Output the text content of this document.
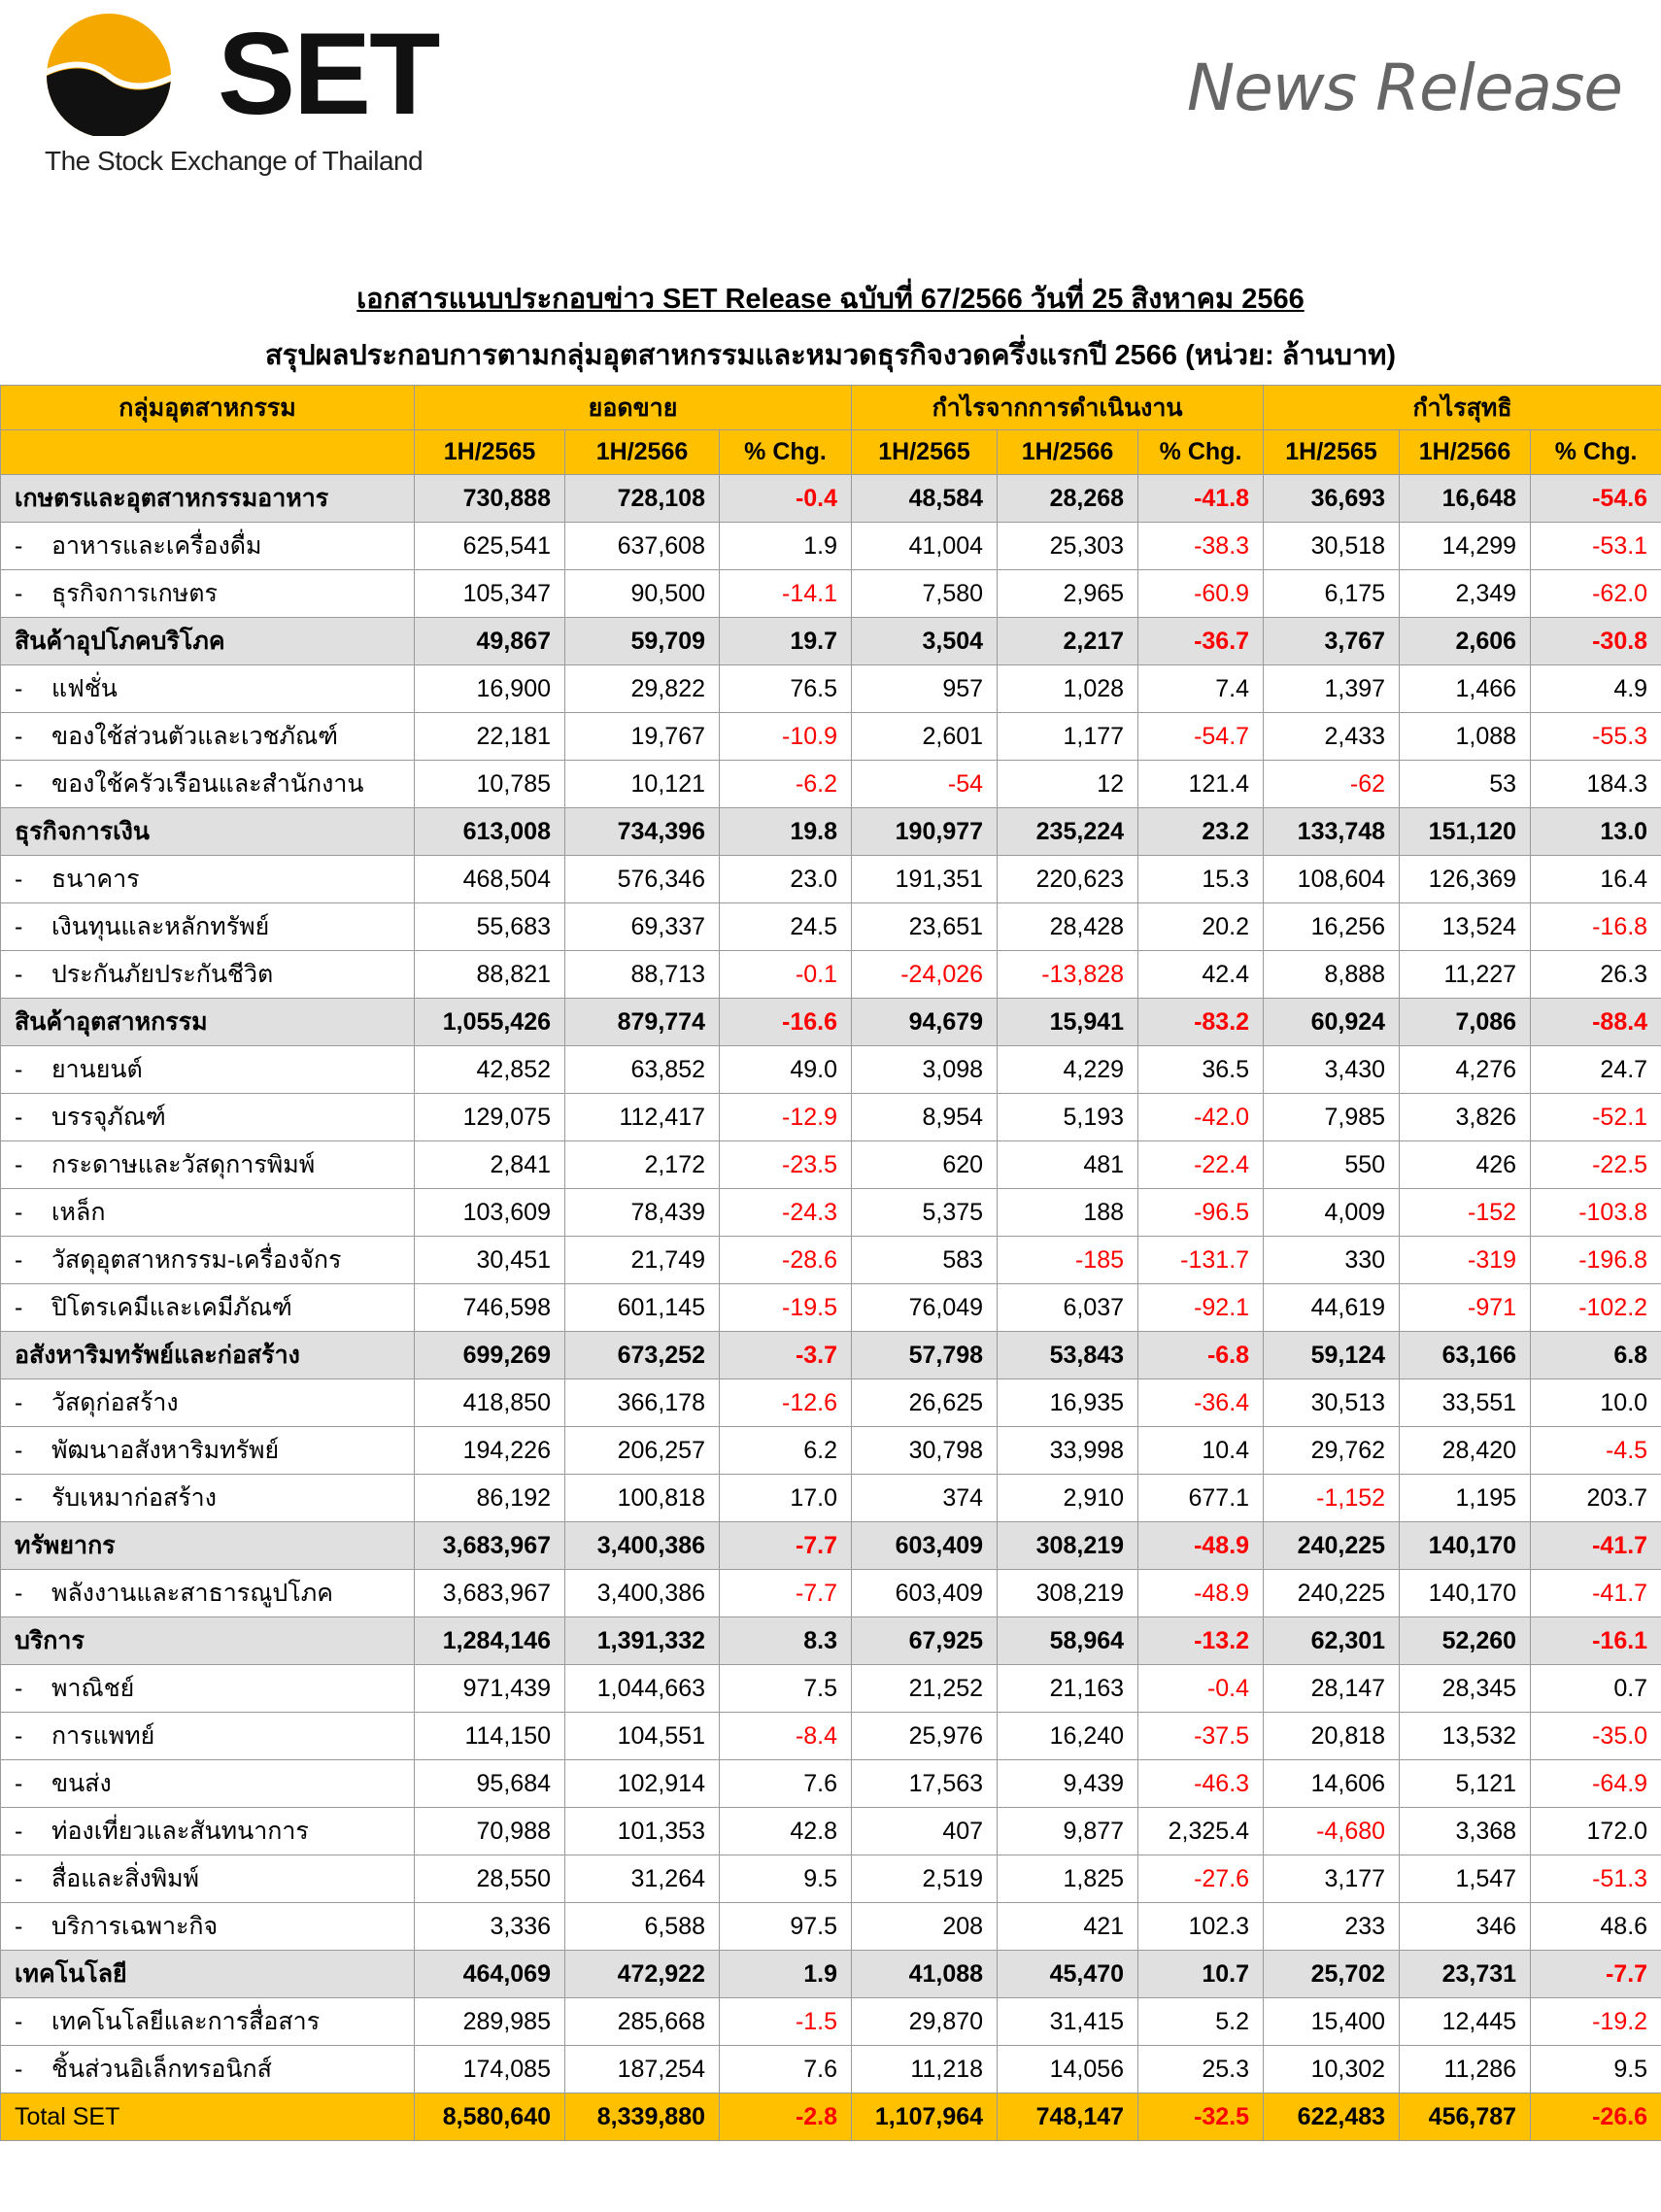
SET
The Stock Exchange of Thailand
News Release
เอกสารแนบประกอบข่าว SET Release ฉบับที่ 67/2566 วันที่ 25 สิงหาคม 2566
สรุปผลประกอบการตามกลุ่มอุตสาหกรรมและหมวดธุรกิจงวดครึ่งแรกปี 2566 (หน่วย: ล้านบาท)
กลุ่มอุตสาหกรรม	ยอดขาย			กำไรจากการดำเนินงาน			กำไรสุทธิ		
	1H/2565	1H/2566	% Chg.	1H/2565	1H/2566	% Chg.	1H/2565	1H/2566	% Chg.
เกษตรและอุตสาหกรรมอาหาร	730,888	728,108	-0.4	48,584	28,268	-41.8	36,693	16,648	-54.6
- อาหารและเครื่องดื่ม	625,541	637,608	1.9	41,004	25,303	-38.3	30,518	14,299	-53.1
- ธุรกิจการเกษตร	105,347	90,500	-14.1	7,580	2,965	-60.9	6,175	2,349	-62.0
สินค้าอุปโภคบริโภค	49,867	59,709	19.7	3,504	2,217	-36.7	3,767	2,606	-30.8
- แฟชั่น	16,900	29,822	76.5	957	1,028	7.4	1,397	1,466	4.9
- ของใช้ส่วนตัวและเวชภัณฑ์	22,181	19,767	-10.9	2,601	1,177	-54.7	2,433	1,088	-55.3
- ของใช้ครัวเรือนและสำนักงาน	10,785	10,121	-6.2	-54	12	121.4	-62	53	184.3
ธุรกิจการเงิน	613,008	734,396	19.8	190,977	235,224	23.2	133,748	151,120	13.0
- ธนาคาร	468,504	576,346	23.0	191,351	220,623	15.3	108,604	126,369	16.4
- เงินทุนและหลักทรัพย์	55,683	69,337	24.5	23,651	28,428	20.2	16,256	13,524	-16.8
- ประกันภัยประกันชีวิต	88,821	88,713	-0.1	-24,026	-13,828	42.4	8,888	11,227	26.3
สินค้าอุตสาหกรรม	1,055,426	879,774	-16.6	94,679	15,941	-83.2	60,924	7,086	-88.4
- ยานยนต์	42,852	63,852	49.0	3,098	4,229	36.5	3,430	4,276	24.7
- บรรจุภัณฑ์	129,075	112,417	-12.9	8,954	5,193	-42.0	7,985	3,826	-52.1
- กระดาษและวัสดุการพิมพ์	2,841	2,172	-23.5	620	481	-22.4	550	426	-22.5
- เหล็ก	103,609	78,439	-24.3	5,375	188	-96.5	4,009	-152	-103.8
- วัสดุอุตสาหกรรม-เครื่องจักร	30,451	21,749	-28.6	583	-185	-131.7	330	-319	-196.8
- ปิโตรเคมีและเคมีภัณฑ์	746,598	601,145	-19.5	76,049	6,037	-92.1	44,619	-971	-102.2
อสังหาริมทรัพย์และก่อสร้าง	699,269	673,252	-3.7	57,798	53,843	-6.8	59,124	63,166	6.8
- วัสดุก่อสร้าง	418,850	366,178	-12.6	26,625	16,935	-36.4	30,513	33,551	10.0
- พัฒนาอสังหาริมทรัพย์	194,226	206,257	6.2	30,798	33,998	10.4	29,762	28,420	-4.5
- รับเหมาก่อสร้าง	86,192	100,818	17.0	374	2,910	677.1	-1,152	1,195	203.7
ทรัพยากร	3,683,967	3,400,386	-7.7	603,409	308,219	-48.9	240,225	140,170	-41.7
- พลังงานและสาธารณูปโภค	3,683,967	3,400,386	-7.7	603,409	308,219	-48.9	240,225	140,170	-41.7
บริการ	1,284,146	1,391,332	8.3	67,925	58,964	-13.2	62,301	52,260	-16.1
- พาณิชย์	971,439	1,044,663	7.5	21,252	21,163	-0.4	28,147	28,345	0.7
- การแพทย์	114,150	104,551	-8.4	25,976	16,240	-37.5	20,818	13,532	-35.0
- ขนส่ง	95,684	102,914	7.6	17,563	9,439	-46.3	14,606	5,121	-64.9
- ท่องเที่ยวและสันทนาการ	70,988	101,353	42.8	407	9,877	2,325.4	-4,680	3,368	172.0
- สื่อและสิ่งพิมพ์	28,550	31,264	9.5	2,519	1,825	-27.6	3,177	1,547	-51.3
- บริการเฉพาะกิจ	3,336	6,588	97.5	208	421	102.3	233	346	48.6
เทคโนโลยี	464,069	472,922	1.9	41,088	45,470	10.7	25,702	23,731	-7.7
- เทคโนโลยีและการสื่อสาร	289,985	285,668	-1.5	29,870	31,415	5.2	15,400	12,445	-19.2
- ชิ้นส่วนอิเล็กทรอนิกส์	174,085	187,254	7.6	11,218	14,056	25.3	10,302	11,286	9.5
Total SET	8,580,640	8,339,880	-2.8	1,107,964	748,147	-32.5	622,483	456,787	-26.6
